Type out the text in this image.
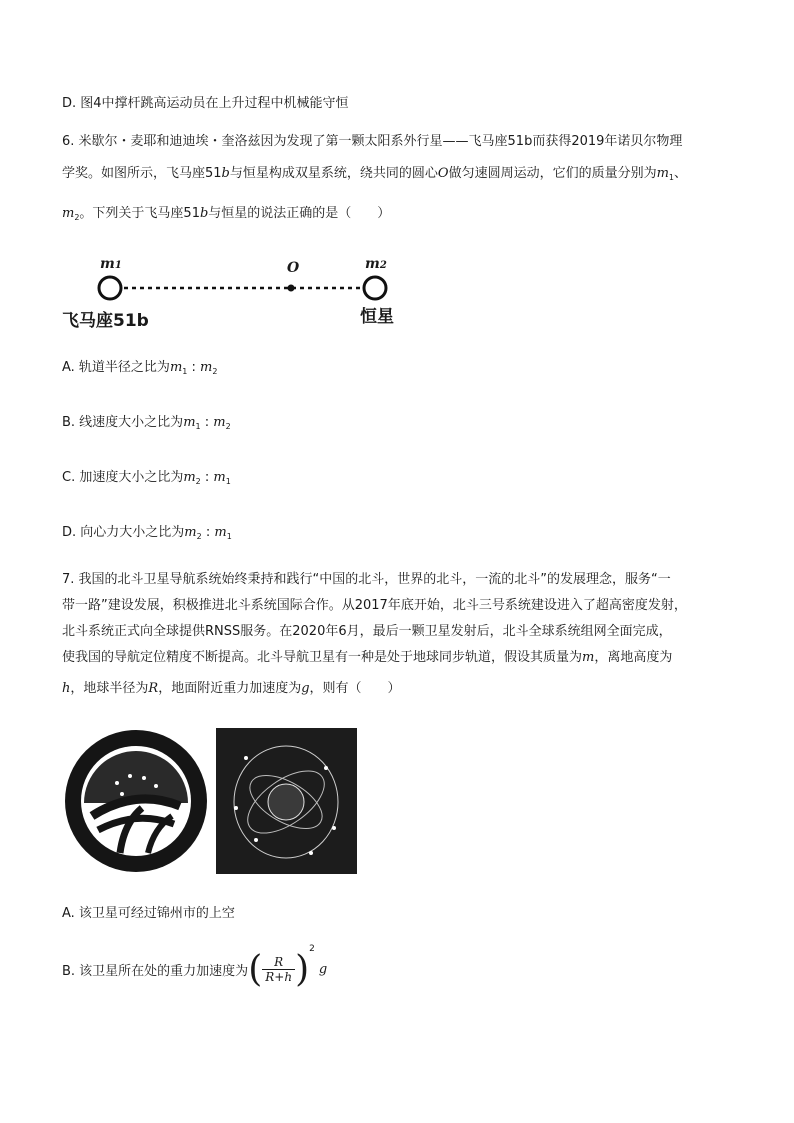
D. 图4中撑杆跳高运动员在上升过程中机械能守恒
6. 米歇尔・麦耶和迪迪埃・奎洛兹因为发现了第一颗太阳系外行星——飞马座51b而获得2019年诺贝尔物理
学奖。如图所示，飞马座51b与恒星构成双星系统，绕共同的圆心O做匀速圆周运动，它们的质量分别为$m_1$、
$m_2$。下列关于飞马座51b与恒星的说法正确的是（　　）
m1	O	m2
飞马座51b	恒星
A. 轨道半径之比为$m_1$ : $m_2$
B. 线速度大小之比为$m_1$ : $m_2$
C. 加速度大小之比为$m_2$ : $m_1$
D. 向心力大小之比为$m_2$ : $m_1$
7. 我国的北斗卫星导航系统始终秉持和践行“中国的北斗，世界的北斗，一流的北斗”的发展理念，服务“一
带一路”建设发展，积极推进北斗系统国际合作。从2017年底开始，北斗三号系统建设进入了超高密度发射，
北斗系统正式向全球提供RNSS服务。在2020年6月，最后一颗卫星发射后，北斗全球系统组网全面完成，
使我国的导航定位精度不断提高。北斗导航卫星有一种是处于地球同步轨道，假设其质量为m，离地高度为
h，地球半径为R，地面附近重力加速度为g，则有（　　）
A. 该卫星可经过锦州市的上空
B. 该卫星所在处的重力加速度为( $\frac{R}{R+h} )^2g$
